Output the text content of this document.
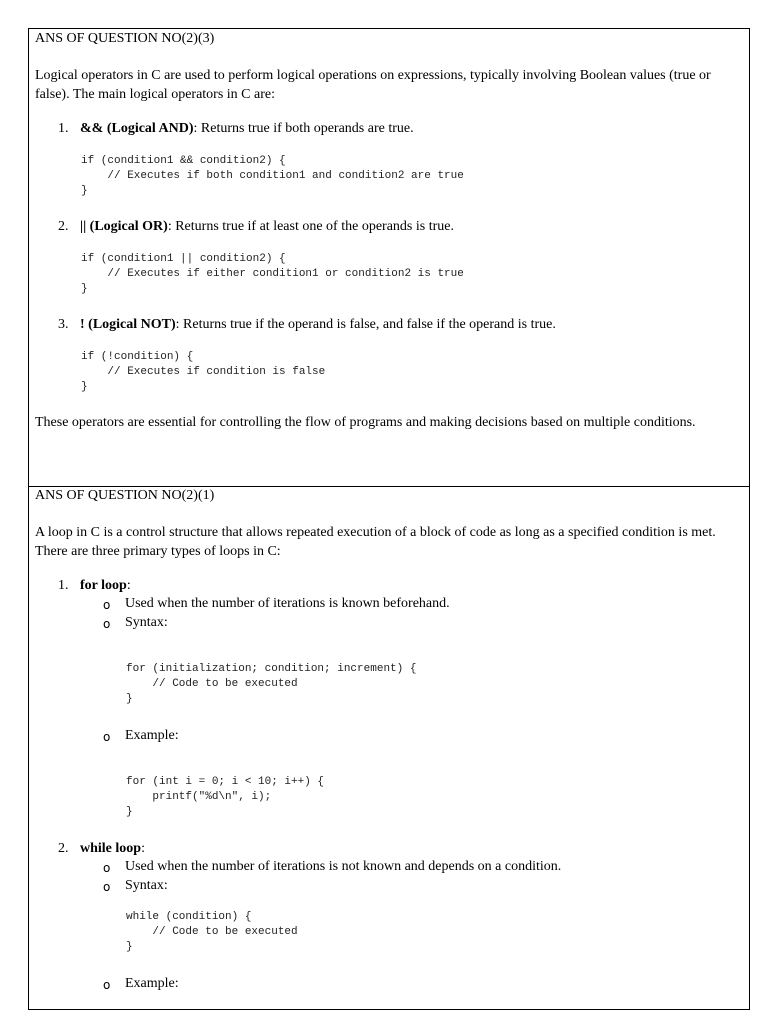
ANS OF QUESTION NO(2)(3)
Logical operators in C are used to perform logical operations on expressions, typically involving Boolean values (true or false). The main logical operators in C are:
1. && (Logical AND): Returns true if both operands are true.
if (condition1 && condition2) {
// Executes if both condition1 and condition2 are true
}
2. || (Logical OR): Returns true if at least one of the operands is true.
if (condition1 || condition2) {
// Executes if either condition1 or condition2 is true
}
3. ! (Logical NOT): Returns true if the operand is false, and false if the operand is true.
if (!condition) {
// Executes if condition is false
}
These operators are essential for controlling the flow of programs and making decisions based on multiple conditions.
ANS OF QUESTION NO(2)(1)
A loop in C is a control structure that allows repeated execution of a block of code as long as a specified condition is met. There are three primary types of loops in C:
1. for loop:
o Used when the number of iterations is known beforehand.
o Syntax:
for (initialization; condition; increment) {
// Code to be executed
}
o Example:
for (int i = 0; i < 10; i++) {
printf("%d\n", i);
}
2. while loop:
o Used when the number of iterations is not known and depends on a condition.
o Syntax:
while (condition) {
// Code to be executed
}
o Example:
